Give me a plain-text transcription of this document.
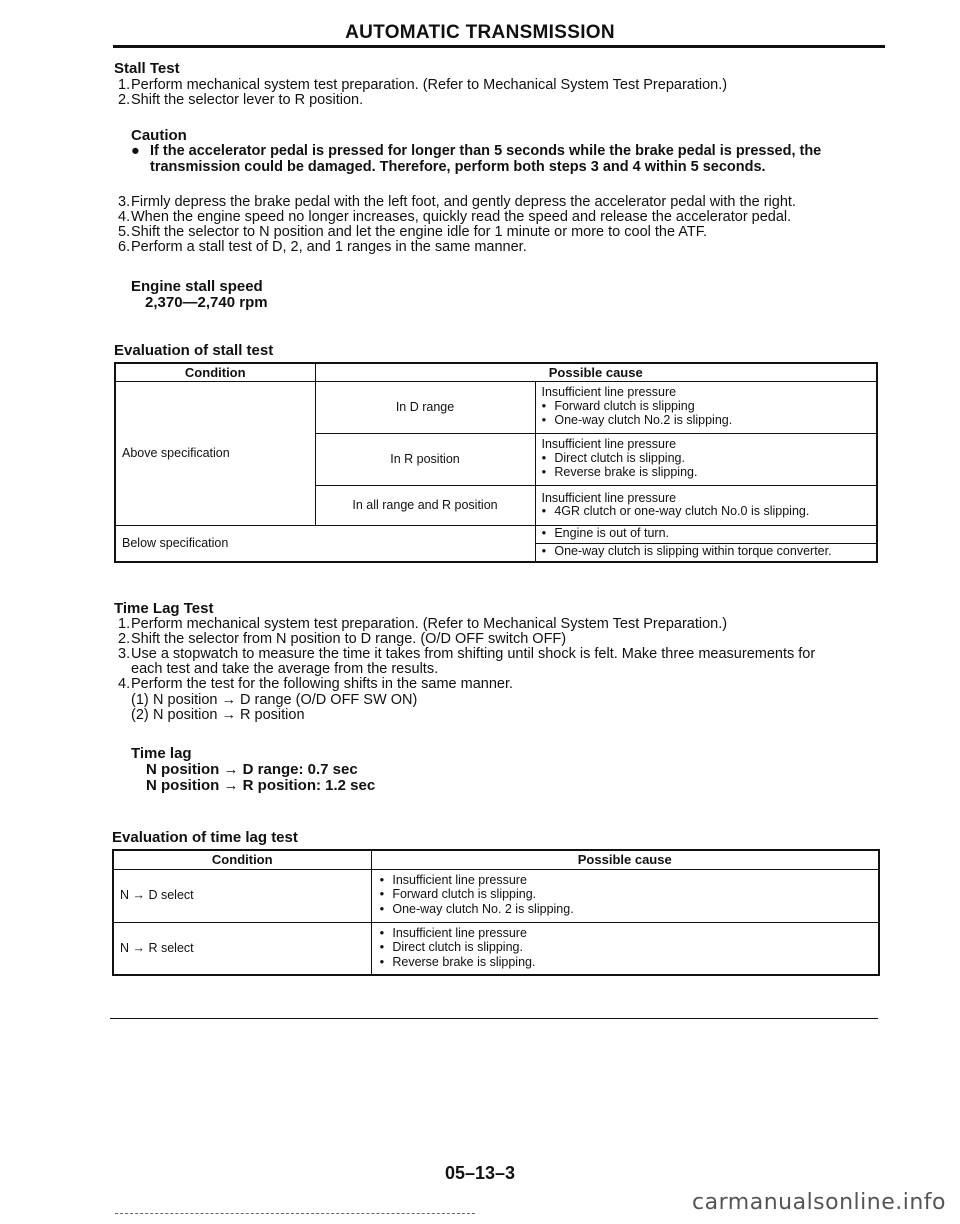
AUTOMATIC TRANSMISSION
Stall Test
1. Perform mechanical system test preparation. (Refer to Mechanical System Test Preparation.)
2. Shift the selector lever to R position.
Caution
● If the accelerator pedal is pressed for longer than 5 seconds while the brake pedal is pressed, the
transmission could be damaged. Therefore, perform both steps 3 and 4 within 5 seconds.
3. Firmly depress the brake pedal with the left foot, and gently depress the accelerator pedal with the right.
4. When the engine speed no longer increases, quickly read the speed and release the accelerator pedal.
5. Shift the selector to N position and let the engine idle for 1 minute or more to cool the ATF.
6. Perform a stall test of D, 2, and 1 ranges in the same manner.
Engine stall speed
2,370—2,740 rpm
Evaluation of stall test
Condition	Possible cause	
Above specification	In D range	Insufficient line pressure
● Forward clutch is slipping
● One-way clutch No.2 is slipping.

	In R position	Insufficient line pressure
● Direct clutch is slipping.
● Reverse brake is slipping.

	In all range and R position	Insufficient line pressure
● 4GR clutch or one-way clutch No.0 is slipping.

Below specification		● Engine is out of turn.

		● One-way clutch is slipping within torque converter.
Time Lag Test
1. Perform mechanical system test preparation. (Refer to Mechanical System Test Preparation.)
2. Shift the selector from N position to D range. (O/D OFF switch OFF)
3. Use a stopwatch to measure the time it takes from shifting until shock is felt. Make three measurements for
each test and take the average from the results.
4. Perform the test for the following shifts in the same manner.
(1) N position → D range (O/D OFF SW ON)
(2) N position → R position
Time lag
N position → D range: 0.7 sec
N position → R position: 1.2 sec
Evaluation of time lag test
Condition	Possible cause
N → D select	● Insufficient line pressure
● Forward clutch is slipping.
● One-way clutch No. 2 is slipping.

N → R select	● Insufficient line pressure
● Direct clutch is slipping.
● Reverse brake is slipping.
05–13–3
carmanualsonline.info
